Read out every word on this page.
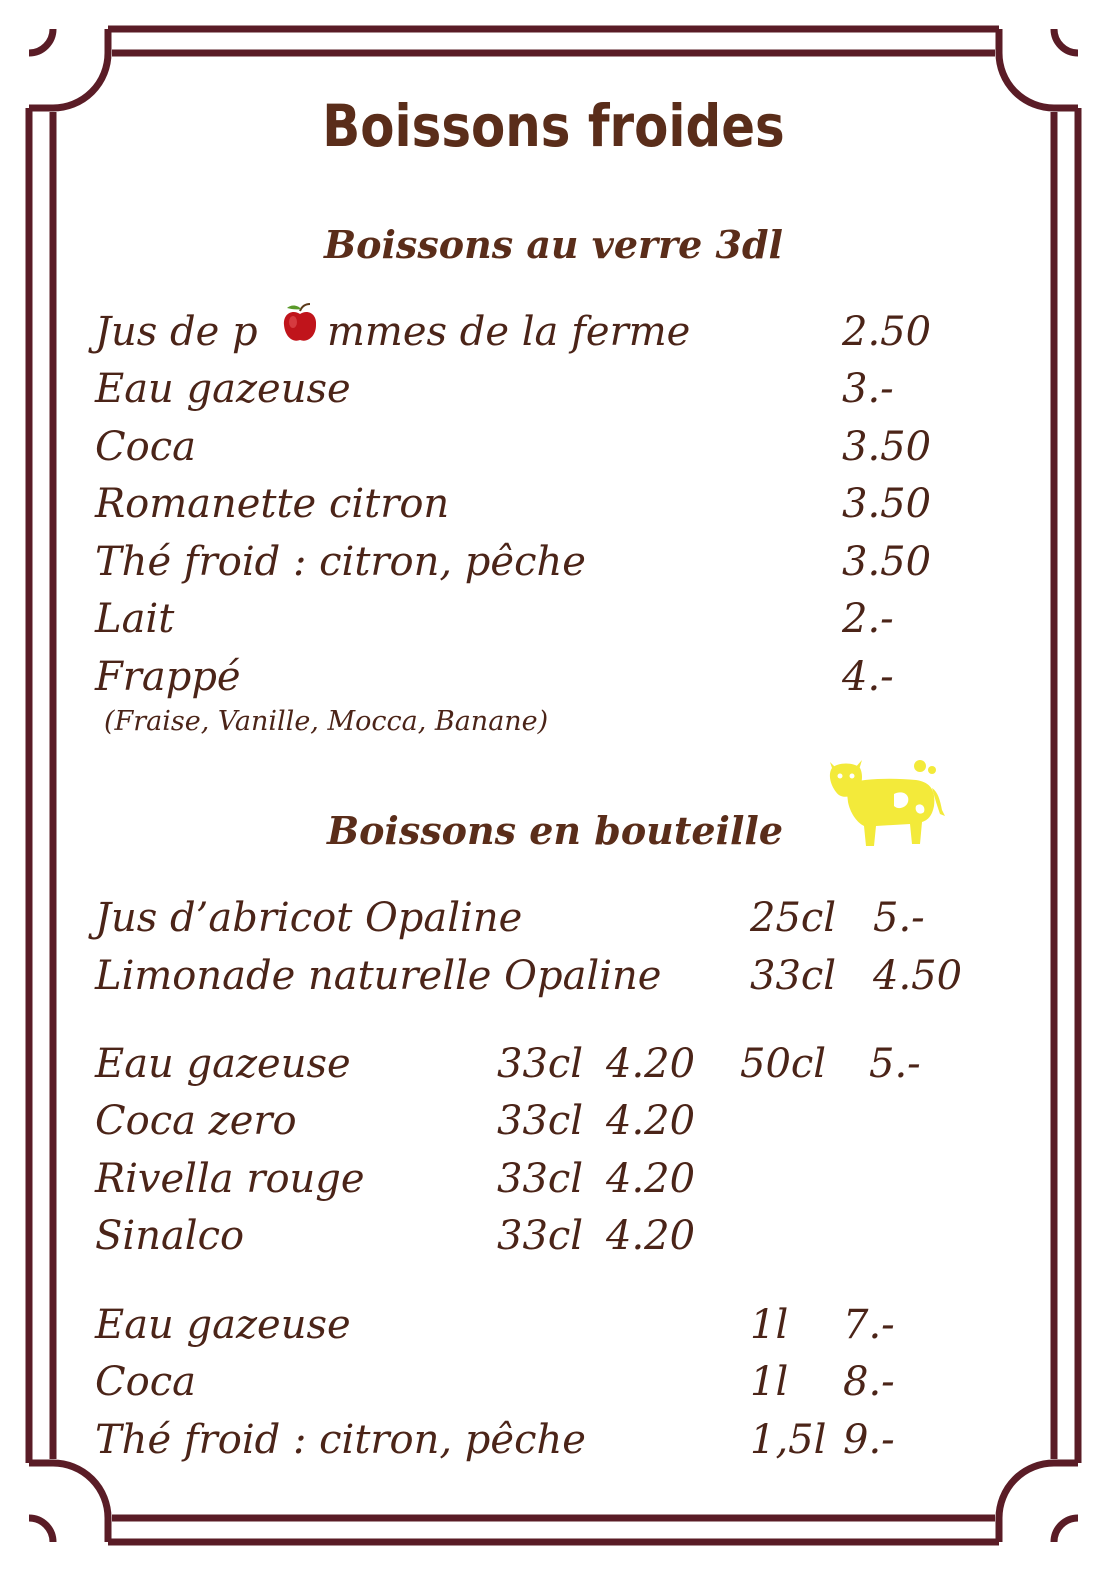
Boissons froides
Boissons au verre 3dl
Jus de p mmes de la ferme	2.50
Eau gazeuse	3.-
Coca	3.50
Romanette citron	3.50
Thé froid : citron, pêche	3.50
Lait	2.-
Frappé	4.-
(Fraise, Vanille, Mocca, Banane)
Boissons en bouteille
Jus d’abricot Opaline	25cl 5.-
Limonade naturelle Opaline 33cl 4.50
Eau gazeuse	33cl 4.20 50cl 5.-
Coca zero	33cl 4.20
Rivella rouge	33cl 4.20
Sinalco	33cl 4.20
Eau gazeuse	1l 7.-
Coca	1l 8.-
Thé froid : citron, pêche	1,5l 9.-
